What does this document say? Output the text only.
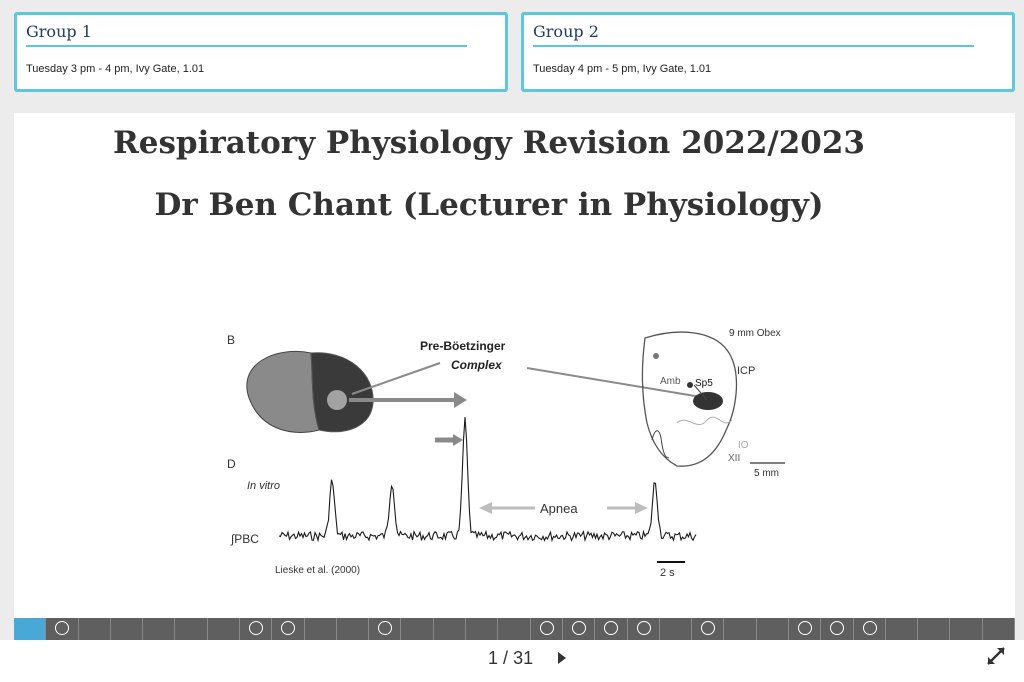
Group 1
Tuesday 3 pm - 4 pm, Ivy Gate, 1.01
Group 2
Tuesday 4 pm - 5 pm, Ivy Gate, 1.01
Respiratory Physiology Revision 2022/2023
Dr Ben Chant (Lecturer in Physiology)
B
D
Pre-Böetzinger
Complex
9 mm Obex
ICP
Amb Sp5
IO
XII
5 mm
In vitro
∫PBC
Apnea
Lieske et al. (2000)	2 s
1 / 31
